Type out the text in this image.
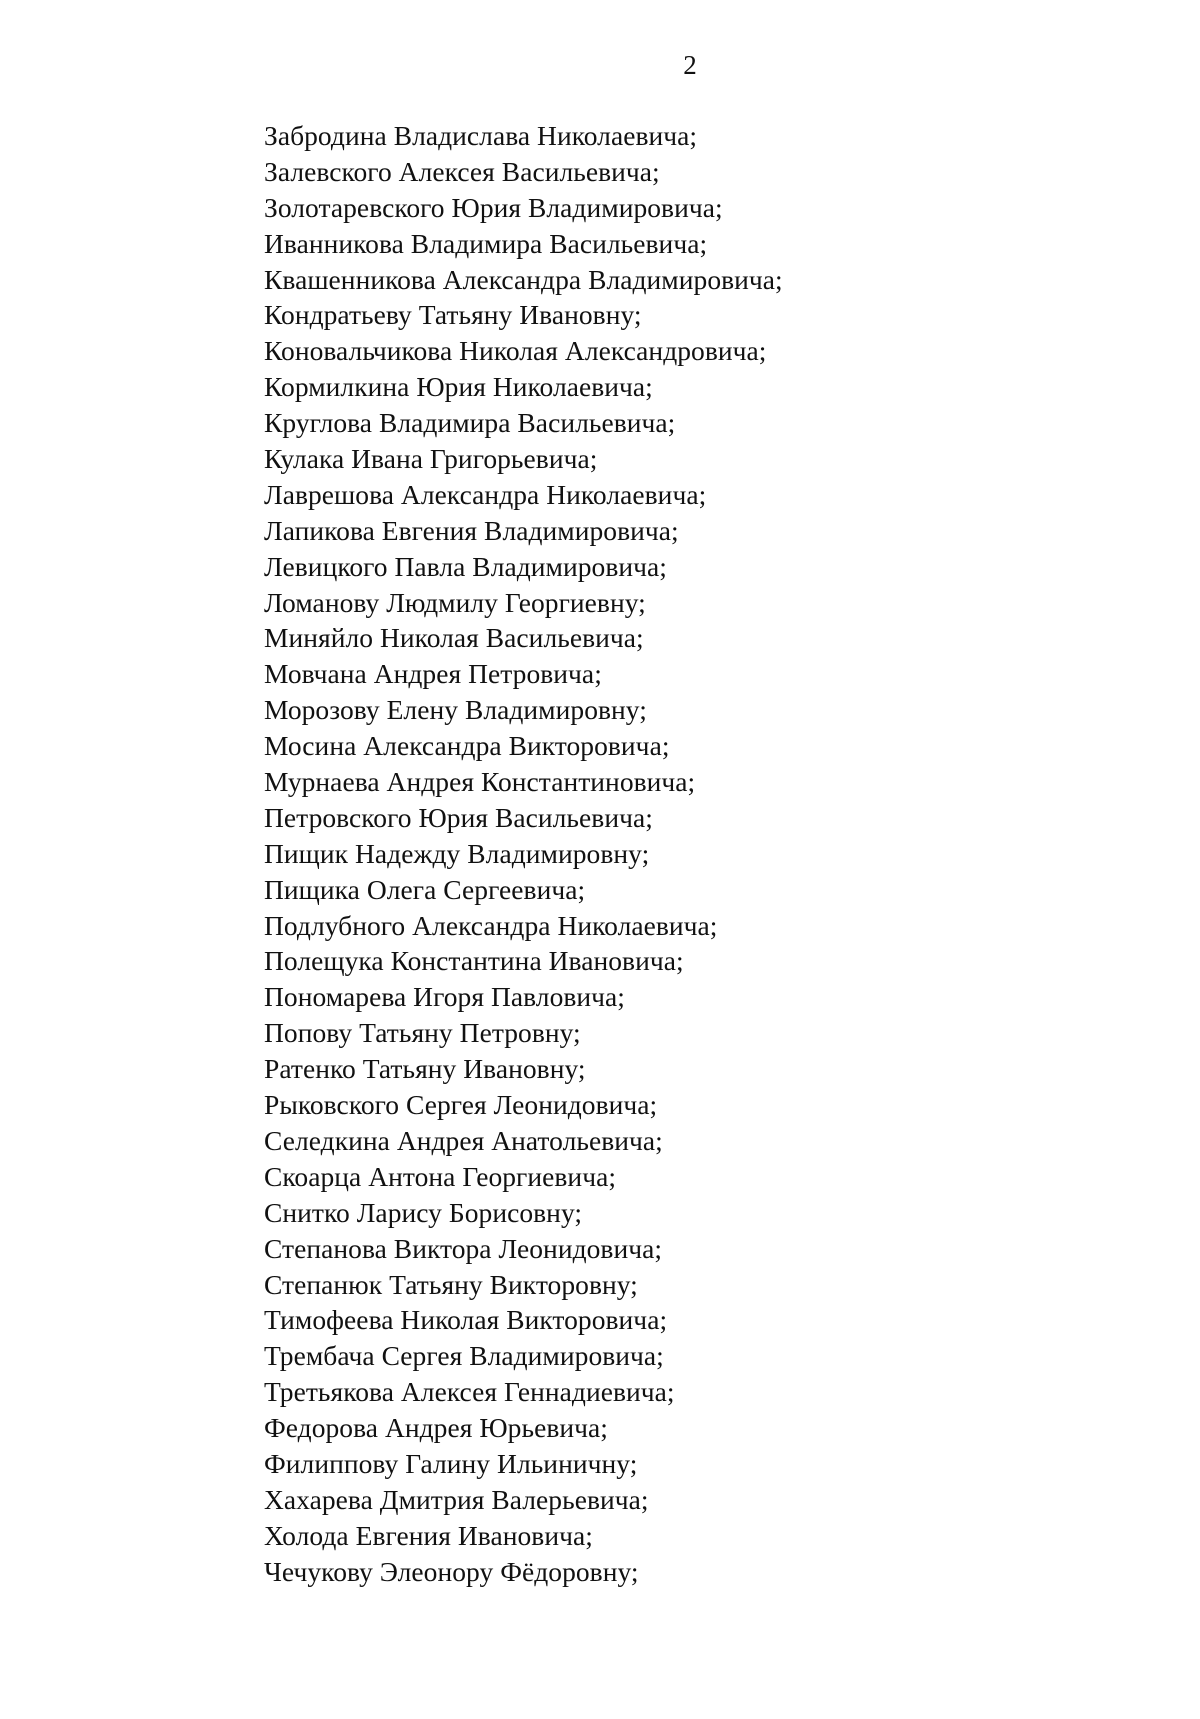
2
Забродина Владислава Николаевича;
Залевского Алексея Васильевича;
Золотаревского Юрия Владимировича;
Иванникова Владимира Васильевича;
Квашенникова Александра Владимировича;
Кондратьеву Татьяну Ивановну;
Коновальчикова Николая Александровича;
Кормилкина Юрия Николаевича;
Круглова Владимира Васильевича;
Кулака Ивана Григорьевича;
Лаврешова Александра Николаевича;
Лапикова Евгения Владимировича;
Левицкого Павла Владимировича;
Ломанову Людмилу Георгиевну;
Миняйло Николая Васильевича;
Мовчана Андрея Петровича;
Морозову Елену Владимировну;
Мосина Александра Викторовича;
Мурнаева Андрея Константиновича;
Петровского Юрия Васильевича;
Пищик Надежду Владимировну;
Пищика Олега Сергеевича;
Подлубного Александра Николаевича;
Полещука Константина Ивановича;
Пономарева Игоря Павловича;
Попову Татьяну Петровну;
Ратенко Татьяну Ивановну;
Рыковского Сергея Леонидовича;
Селедкина Андрея Анатольевича;
Скоарца Антона Георгиевича;
Снитко Ларису Борисовну;
Степанова Виктора Леонидовича;
Степанюк Татьяну Викторовну;
Тимофеева Николая Викторовича;
Трембача Сергея Владимировича;
Третьякова Алексея Геннадиевича;
Федорова Андрея Юрьевича;
Филиппову Галину Ильиничну;
Хахарева Дмитрия Валерьевича;
Холода Евгения Ивановича;
Чечукову Элеонору Фёдоровну;
